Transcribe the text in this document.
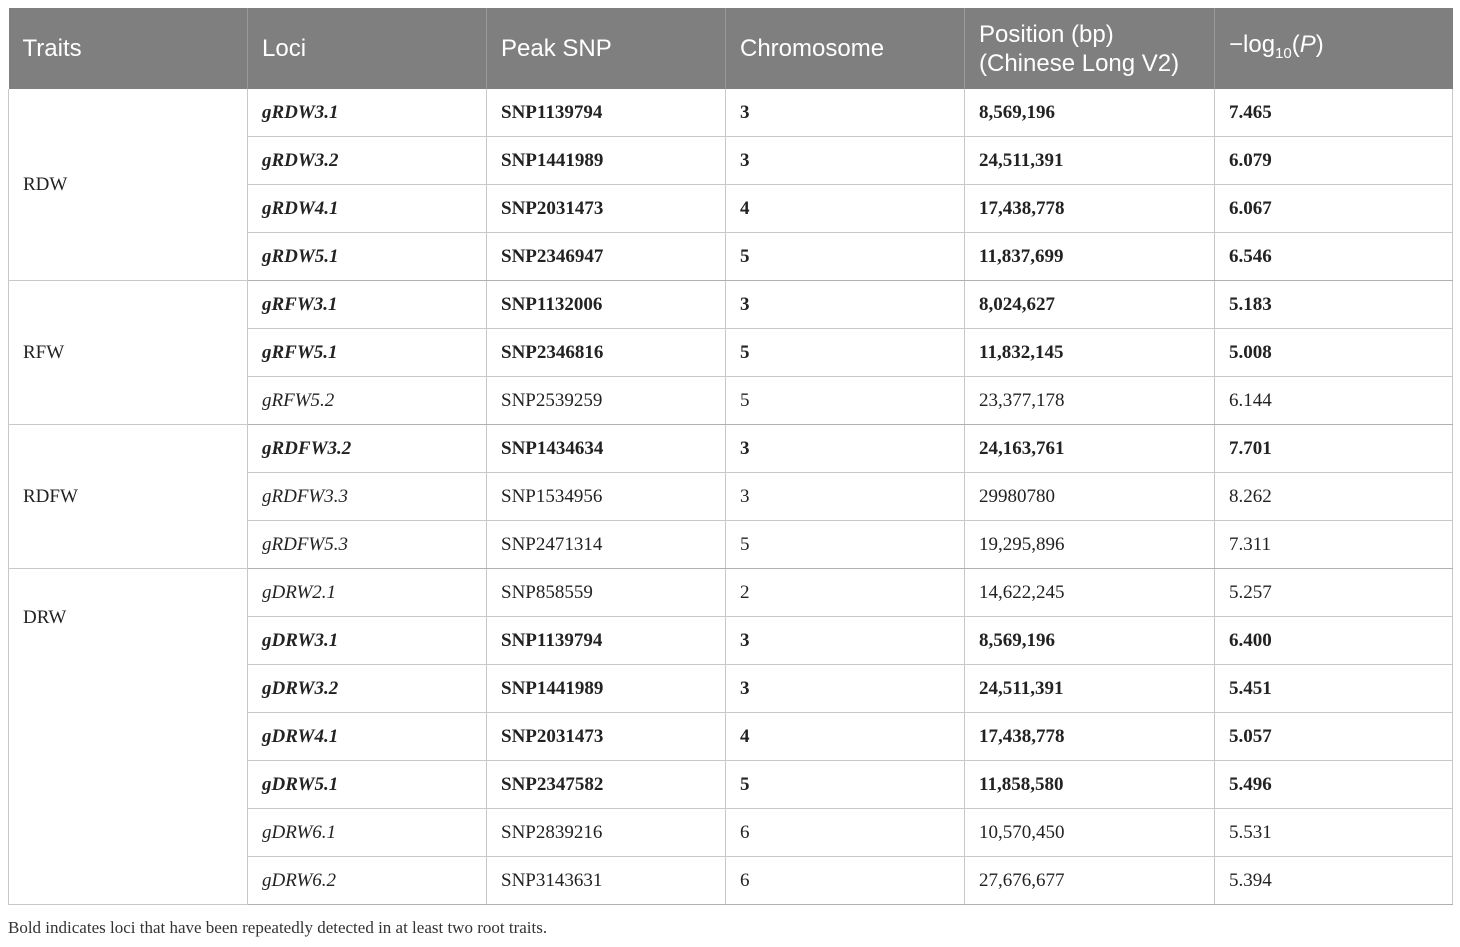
Traits	Loci	Peak SNP	Chromosome	Position (bp)
(Chinese Long V2)	$-\log_{10}(P)$
RDW	gRDW3.1	SNP1139794	3	8,569,196	7.465
	gRDW3.2	SNP1441989	3	24,511,391	6.079
	gRDW4.1	SNP2031473	4	17,438,778	6.067
	gRDW5.1	SNP2346947	5	11,837,699	6.546
RFW	gRFW3.1	SNP1132006	3	8,024,627	5.183
	gRFW5.1	SNP2346816	5	11,832,145	5.008
	gRFW5.2	SNP2539259	5	23,377,178	6.144
RDFW	gRDFW3.2	SNP1434634	3	24,163,761	7.701
	gRDFW3.3	SNP1534956	3	29980780	8.262
	gRDFW5.3	SNP2471314	5	19,295,896	7.311
DRW	gDRW2.1	SNP858559	2	14,622,245	5.257
	gDRW3.1	SNP1139794	3	8,569,196	6.400
	gDRW3.2	SNP1441989	3	24,511,391	5.451
	gDRW4.1	SNP2031473	4	17,438,778	5.057
	gDRW5.1	SNP2347582	5	11,858,580	5.496
	gDRW6.1	SNP2839216	6	10,570,450	5.531
	gDRW6.2	SNP3143631	6	27,676,677	5.394
Bold indicates loci that have been repeatedly detected in at least two root traits.
